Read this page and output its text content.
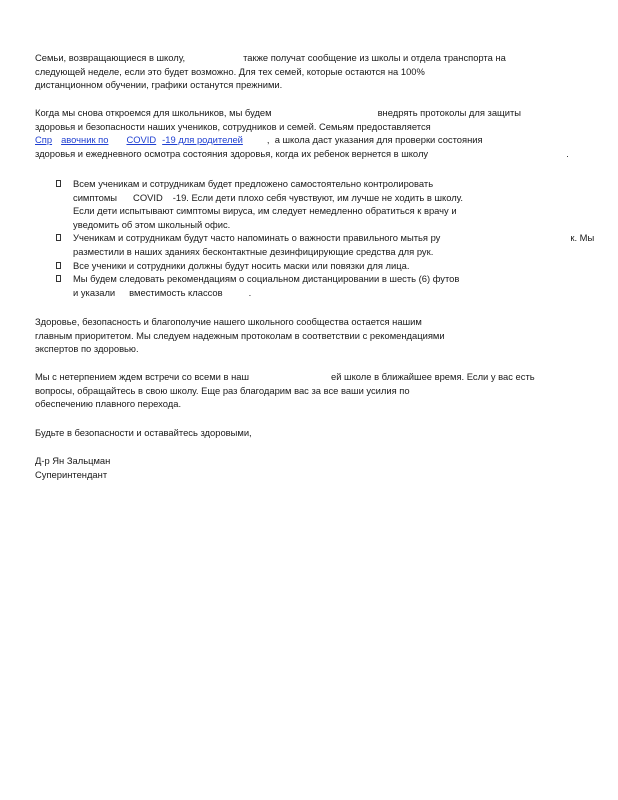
Семьи, возвращающиеся в школу,	также получат сообщение из школы и отдела транспорта на
следующей неделе, если это будет возможно. Для тех семей, которые остаются на 100%
дистанционном обучении, графики останутся прежними.
Когда мы снова откроемся для школьников, мы будем	внедрять протоколы для защиты
здоровья и безопасности наших учеников, сотрудников и семей. Семьям предоставляется
Спр авочник по COVID -19 для родителей	,  а школа даст указания для проверки состояния
здоровья и ежедневного осмотра состояния здоровья, когда их ребенок вернется в школу	.
Всем ученикам и сотрудникам будет предложено самостоятельно контролировать
симптомы COVID -19. Если дети плохо себя чувствуют, им лучше не ходить в школу.
Если дети испытывают симптомы вируса, им следует немедленно обратиться к врачу и
уведомить об этом школьный офис.
Ученикам и сотрудникам будут часто напоминать о важности правильного мытья ру	к. Мы
разместили в наших зданиях бесконтактные дезинфицирующие средства для рук.
Все ученики и сотрудники должны будут носить маски или повязки для лица.
Мы будем следовать рекомендациям о социальном дистанцировании в шесть (6) футов
и указали вместимость классов	.
Здоровье, безопасность и благополучие нашего школьного сообщества остается нашим
главным приоритетом. Мы следуем надежным протоколам в соответствии с рекомендациями
экспертов по здоровью.
Мы с нетерпением ждем встречи со всеми в наш	ей школе в ближайшее время. Если у вас есть
вопросы, обращайтесь в свою школу. Еще раз благодарим вас за все ваши усилия по
обеспечению плавного перехода.
Будьте в безопасности и оставайтесь здоровыми,
Д-р Ян Зальцман
Суперинтендант
